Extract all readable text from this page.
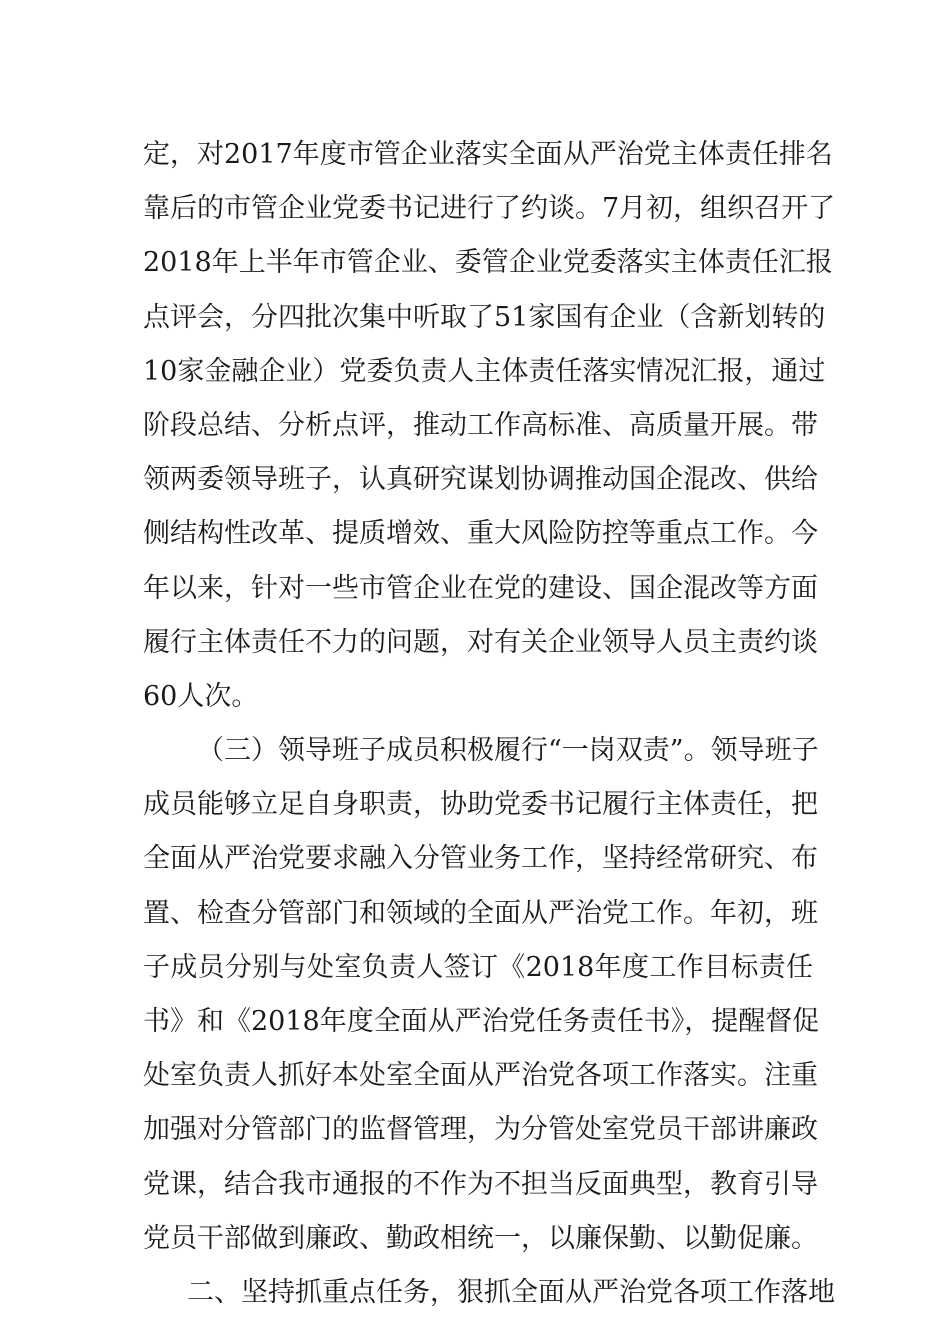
定，对2017年度市管企业落实全面从严治党主体责任排名
靠后的市管企业党委书记进行了约谈。7月初，组织召开了
2018年上半年市管企业、委管企业党委落实主体责任汇报
点评会，分四批次集中听取了51家国有企业（含新划转的
10家金融企业）党委负责人主体责任落实情况汇报，通过
阶段总结、分析点评，推动工作高标准、高质量开展。带
领两委领导班子，认真研究谋划协调推动国企混改、供给
侧结构性改革、提质增效、重大风险防控等重点工作。今
年以来，针对一些市管企业在党的建设、国企混改等方面
履行主体责任不力的问题，对有关企业领导人员主责约谈
60人次。
（三）领导班子成员积极履行“一岗双责”。领导班子
成员能够立足自身职责，协助党委书记履行主体责任，把
全面从严治党要求融入分管业务工作，坚持经常研究、布
置、检查分管部门和领域的全面从严治党工作。年初，班
子成员分别与处室负责人签订《2018年度工作目标责任
书》和《2018年度全面从严治党任务责任书》，提醒督促
处室负责人抓好本处室全面从严治党各项工作落实。注重
加强对分管部门的监督管理，为分管处室党员干部讲廉政
党课，结合我市通报的不作为不担当反面典型，教育引导
党员干部做到廉政、勤政相统一，以廉保勤、以勤促廉。
二、坚持抓重点任务，狠抓全面从严治党各项工作落地
